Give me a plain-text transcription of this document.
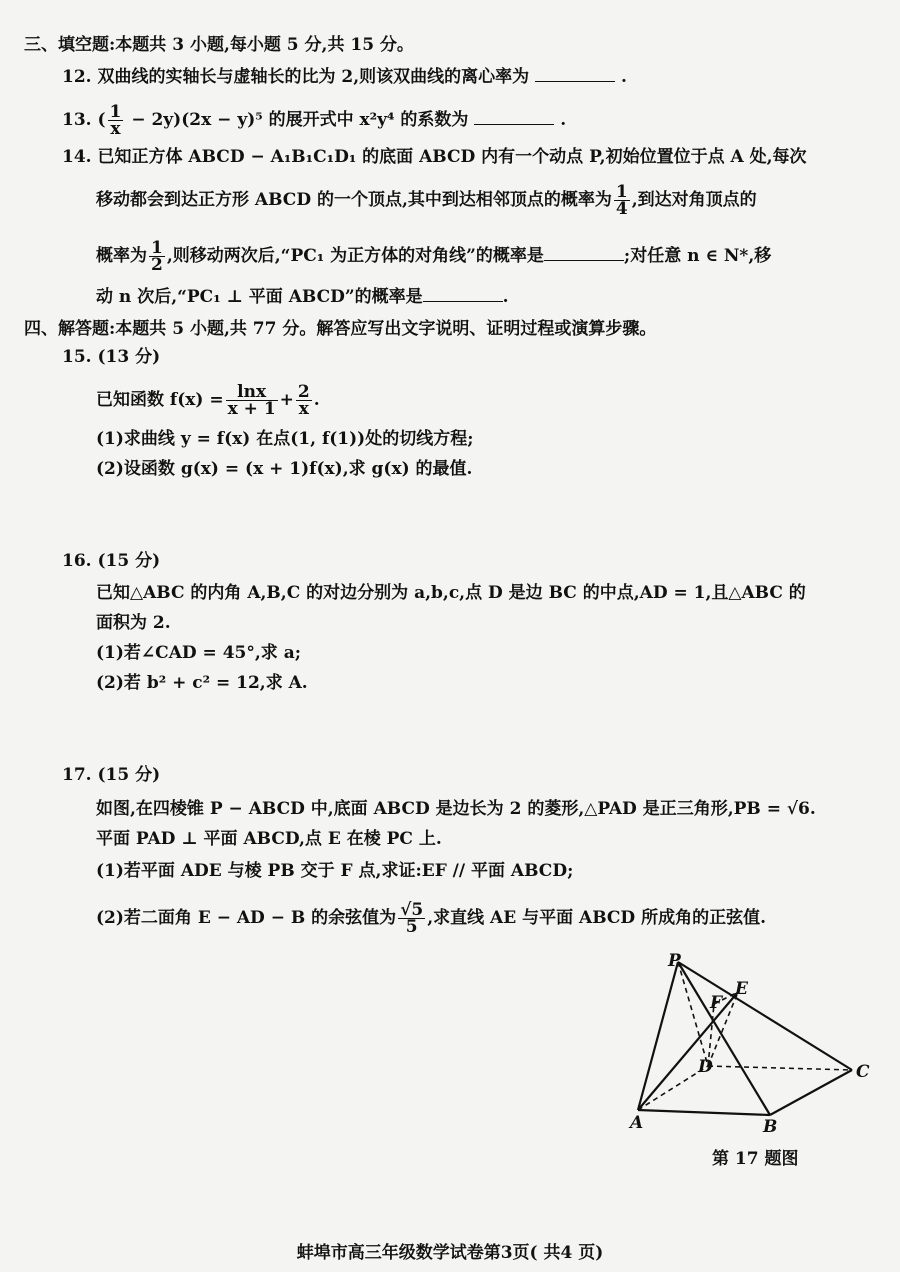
三、填空题:本题共 3 小题,每小题 5 分,共 15 分。
12. 双曲线的实轴长与虚轴长的比为 2,则该双曲线的离心率为	.
13. ( $\frac{1}{x} - 2y)(2x - y)^5$ 的展开式中 x²y⁴ 的系数为	.
14. 已知正方体 ABCD − A₁B₁C₁D₁ 的底面 ABCD 内有一个动点 P,初始位置位于点 A 处,每次
移动都会到达正方形 ABCD 的一个顶点,其中到达相邻顶点的概率为 $\frac{1}{4}$ ,到达对角顶点的
概率为 $\frac{1}{2}$ ,则移动两次后,“PC₁ 为正方体的对角线”的概率是	;对任意 n ∈ N*,移
动 n 次后,“PC₁ ⊥ 平面 ABCD”的概率是	.
四、解答题:本题共 5 小题,共 77 分。解答应写出文字说明、证明过程或演算步骤。
15. (13 分)
已知函数 $f(x) = \frac{\ln x}{x + 1} + \frac{2}{x}$ .
(1)求曲线 y = f(x) 在点(1, f(1))处的切线方程;
(2)设函数 g(x) = (x + 1)f(x),求 g(x) 的最值.
16. (15 分)
已知△ABC 的内角 A,B,C 的对边分别为 a,b,c,点 D 是边 BC 的中点,AD = 1,且△ABC 的
面积为 2.
(1)若∠CAD = 45°,求 a;
(2)若 b² + c² = 12,求 A.
17. (15 分)
如图,在四棱锥 P − ABCD 中,底面 ABCD 是边长为 2 的菱形,△PAD 是正三角形,PB = √6.
平面 PAD ⊥ 平面 ABCD,点 E 在棱 PC 上.
(1)若平面 ADE 与棱 PB 交于 F 点,求证:EF // 平面 ABCD;
(2)若二面角 E − AD − B 的余弦值为 $\frac{√5}{5}$ ,求直线 AE 与平面 ABCD 所成角的正弦值.
P
F
E
D	C
A	B
第 17 题图
蚌埠市高三年级数学试卷第3页( 共4 页)
